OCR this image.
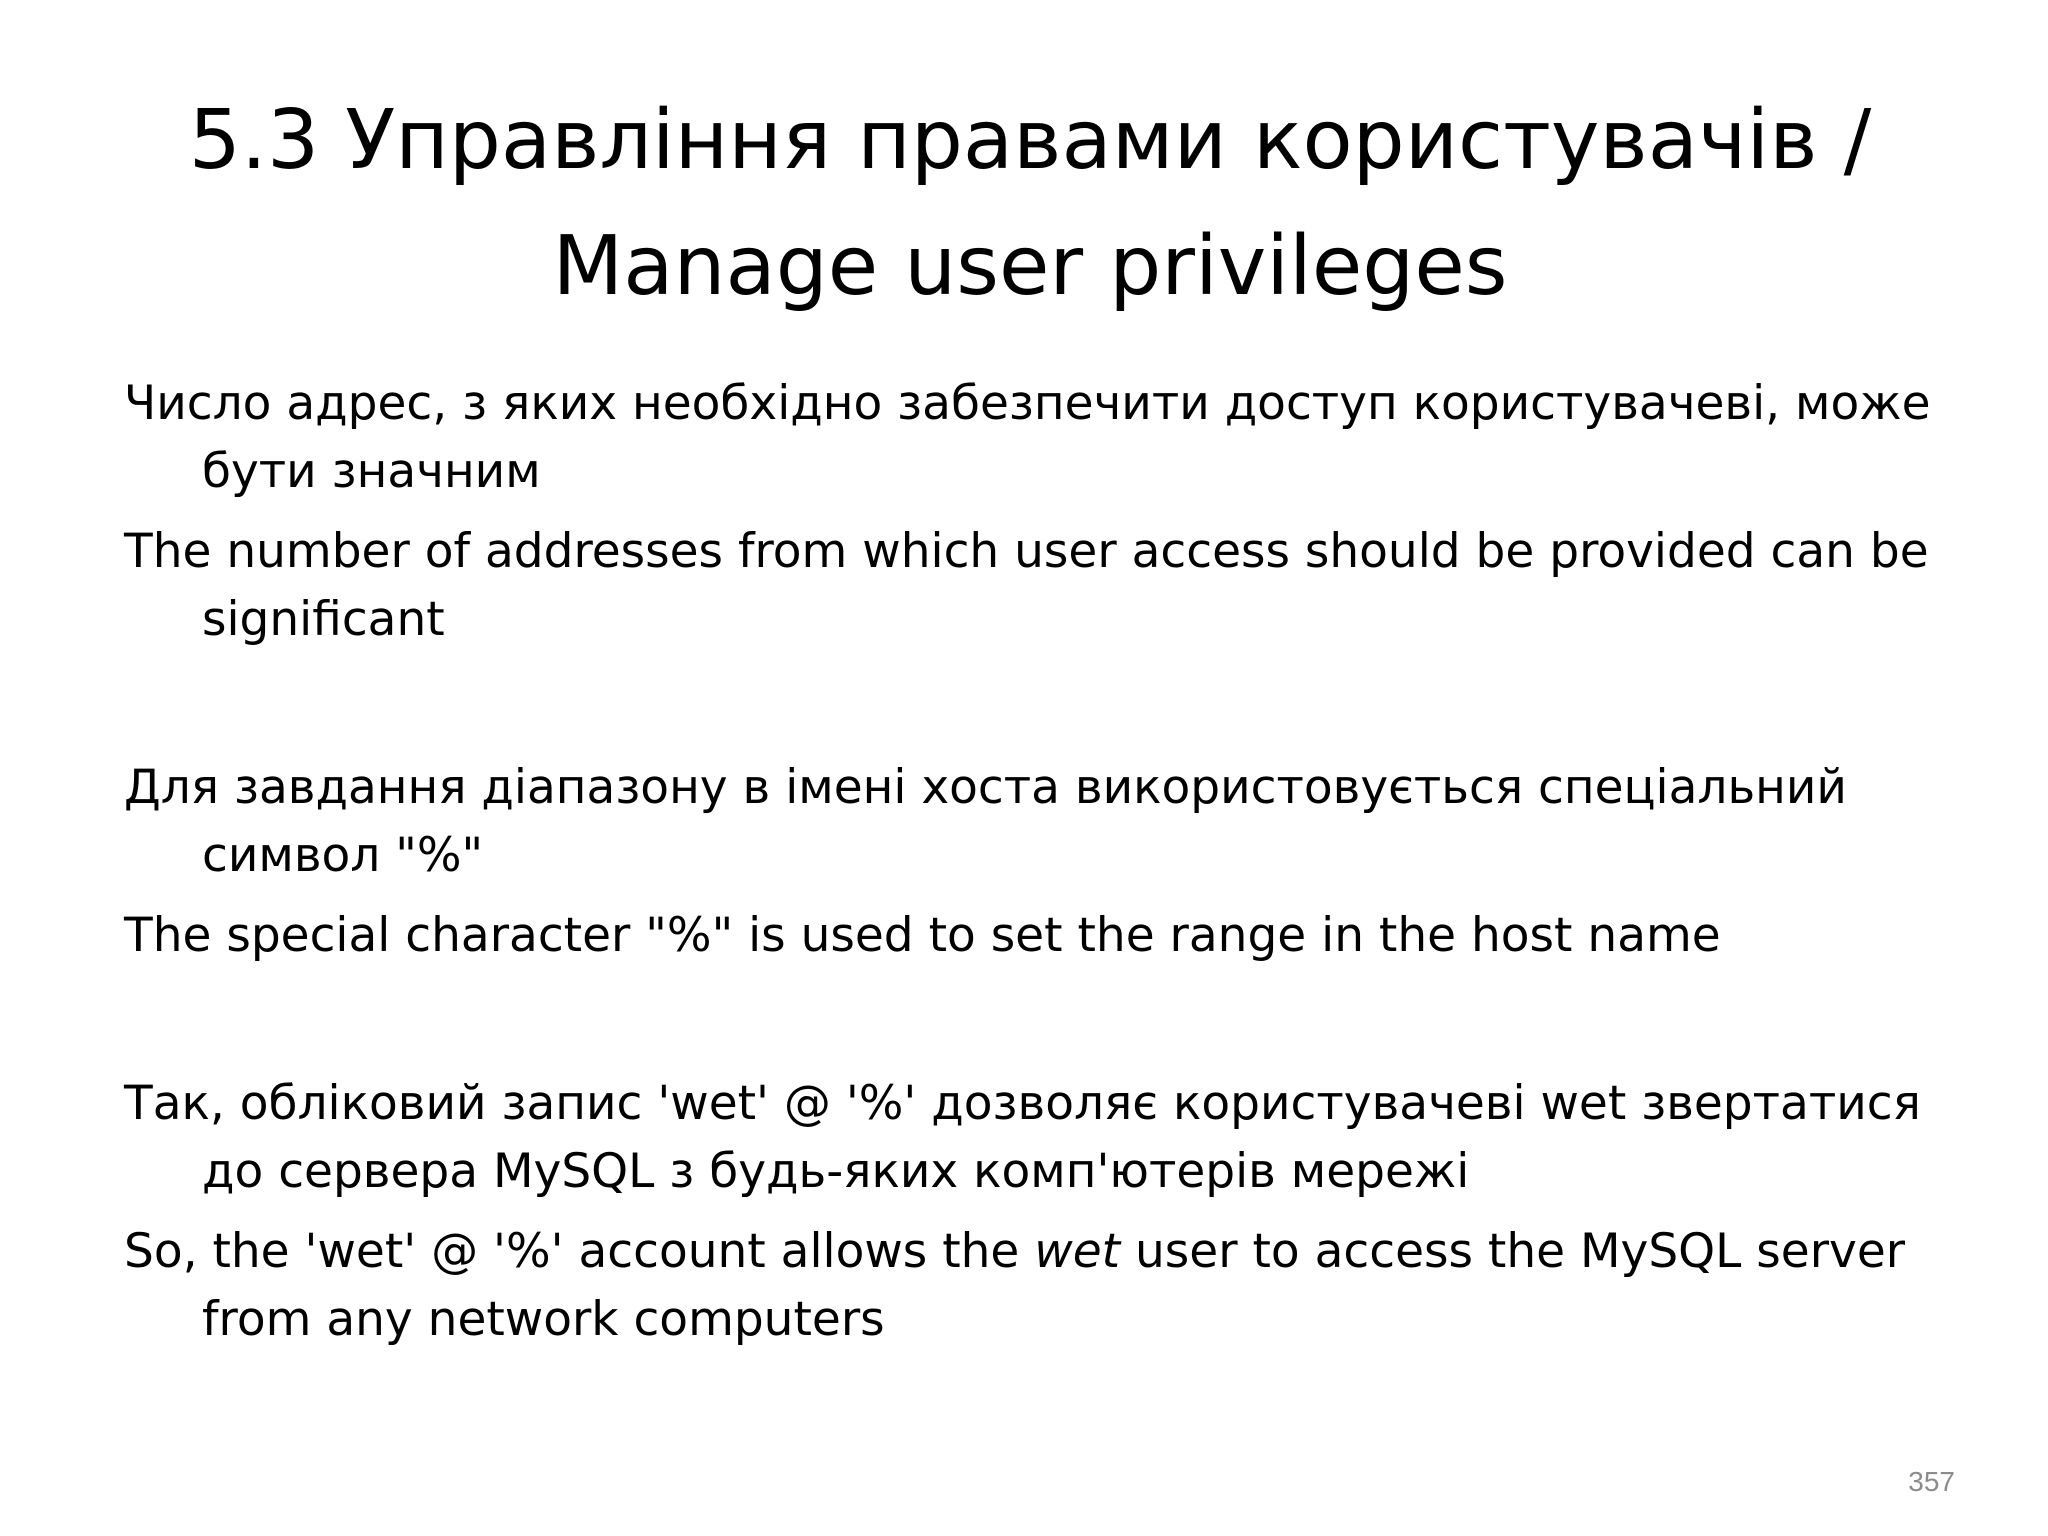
5.3 Управління правами користувачів /
Manage user privileges

Число адрес, з яких необхідно забезпечити доступ користувачеві, може бути значним

The number of addresses from which user access should be provided can be significant

Для завдання діапазону в імені хоста використовується спеціальний символ "%"

The special character "%" is used to set the range in the host name

Так, обліковий запис 'wet' @ '%' дозволяє користувачеві wet звертатися до сервера MySQL з будь-яких комп'ютерів мережі

So, the 'wet' @ '%' account allows the wet user to access the MySQL server from any network computers

357
